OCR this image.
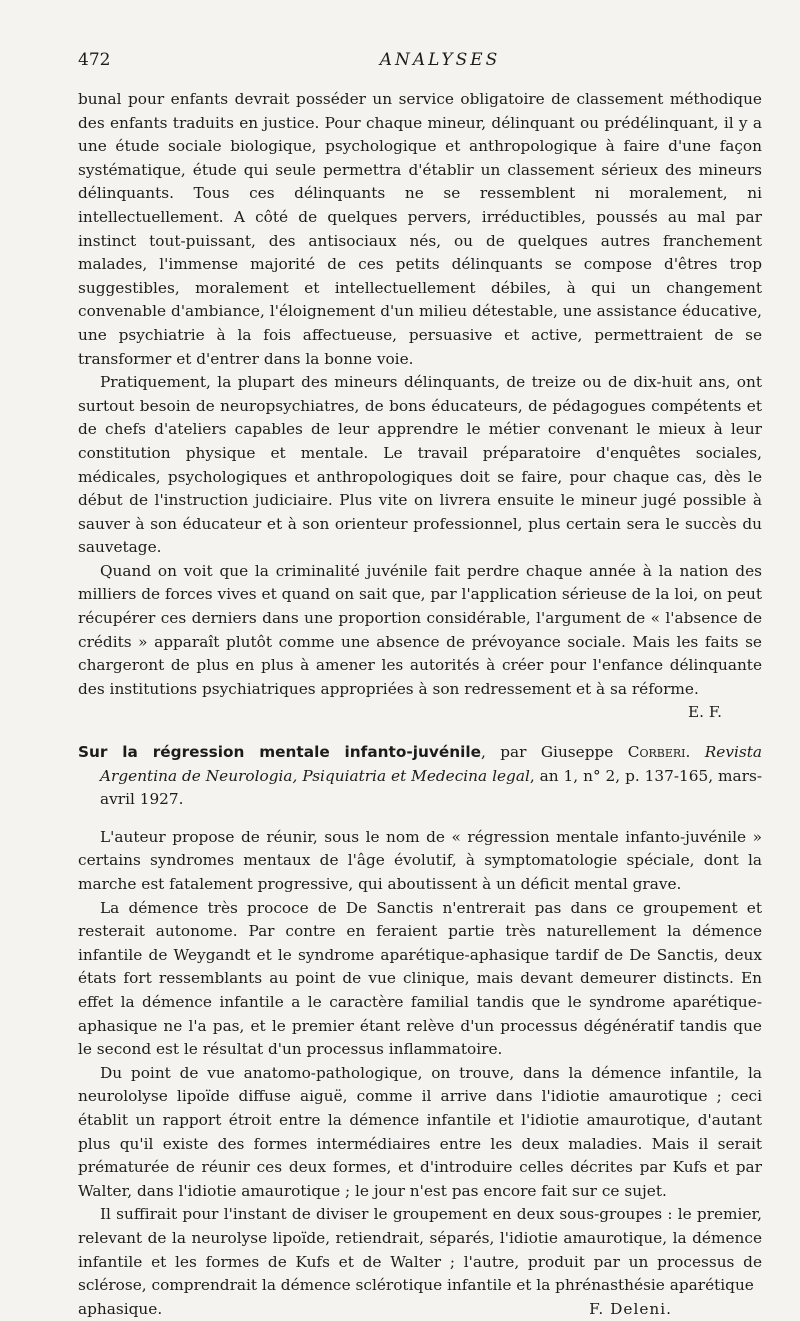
472	ANALYSES

bunal pour enfants devrait posséder un service obligatoire de classement méthodique des enfants traduits en justice. Pour chaque mineur, délinquant ou prédélinquant, il y a une étude sociale biologique, psychologique et anthropologique à faire d'une façon systématique, étude qui seule permettra d'établir un classement sérieux des mineurs délinquants. Tous ces délinquants ne se ressemblent ni moralement, ni intellectuellement. A côté de quelques pervers, irréductibles, poussés au mal par instinct tout-puissant, des antisociaux nés, ou de quelques autres franchement malades, l'immense majorité de ces petits délinquants se compose d'êtres trop suggestibles, moralement et intellectuellement débiles, à qui un changement convenable d'ambiance, l'éloignement d'un milieu détestable, une assistance éducative, une psychiatrie à la fois affectueuse, persuasive et active, permettraient de se transformer et d'entrer dans la bonne voie.

Pratiquement, la plupart des mineurs délinquants, de treize ou de dix-huit ans, ont surtout besoin de neuropsychiatres, de bons éducateurs, de pédagogues compétents et de chefs d'ateliers capables de leur apprendre le métier convenant le mieux à leur constitution physique et mentale. Le travail préparatoire d'enquêtes sociales, médicales, psychologiques et anthropologiques doit se faire, pour chaque cas, dès le début de l'instruction judiciaire. Plus vite on livrera ensuite le mineur jugé possible à sauver à son éducateur et à son orienteur professionnel, plus certain sera le succès du sauvetage.

Quand on voit que la criminalité juvénile fait perdre chaque année à la nation des milliers de forces vives et quand on sait que, par l'application sérieuse de la loi, on peut récupérer ces derniers dans une proportion considérable, l'argument de « l'absence de crédits » apparaît plutôt comme une absence de prévoyance sociale. Mais les faits se chargeront de plus en plus à amener les autorités à créer pour l'enfance délinquante des institutions psychiatriques appropriées à son redressement et à sa réforme.

E. F.

Sur la régression mentale infanto-juvénile, par Giuseppe Corberi. Revista Argentina de Neurologia, Psiquiatria et Medecina legal, an 1, n° 2, p. 137-165, mars-avril 1927.

L'auteur propose de réunir, sous le nom de « régression mentale infanto-juvénile » certains syndromes mentaux de l'âge évolutif, à symptomatologie spéciale, dont la marche est fatalement progressive, qui aboutissent à un déficit mental grave.

La démence très prococe de De Sanctis n'entrerait pas dans ce groupement et resterait autonome. Par contre en feraient partie très naturellement la démence infantile de Weygandt et le syndrome aparétique-aphasique tardif de De Sanctis, deux états fort ressemblants au point de vue clinique, mais devant demeurer distincts. En effet la démence infantile a le caractère familial tandis que le syndrome aparétique-aphasique ne l'a pas, et le premier étant relève d'un processus dégénératif tandis que le second est le résultat d'un processus inflammatoire.

Du point de vue anatomo-pathologique, on trouve, dans la démence infantile, la neurololyse lipoïde diffuse aiguë, comme il arrive dans l'idiotie amaurotique ; ceci établit un rapport étroit entre la démence infantile et l'idiotie amaurotique, d'autant plus qu'il existe des formes intermédiaires entre les deux maladies. Mais il serait prématurée de réunir ces deux formes, et d'introduire celles décrites par Kufs et par Walter, dans l'idiotie amaurotique ; le jour n'est pas encore fait sur ce sujet.

Il suffirait pour l'instant de diviser le groupement en deux sous-groupes : le premier, relevant de la neurolyse lipoïde, retiendrait, séparés, l'idiotie amaurotique, la démence infantile et les formes de Kufs et de Walter ; l'autre, produit par un processus de sclérose, comprendrait la démence sclérotique infantile et la phrénasthésie aparétique

aphasique.	F. Deleni.
